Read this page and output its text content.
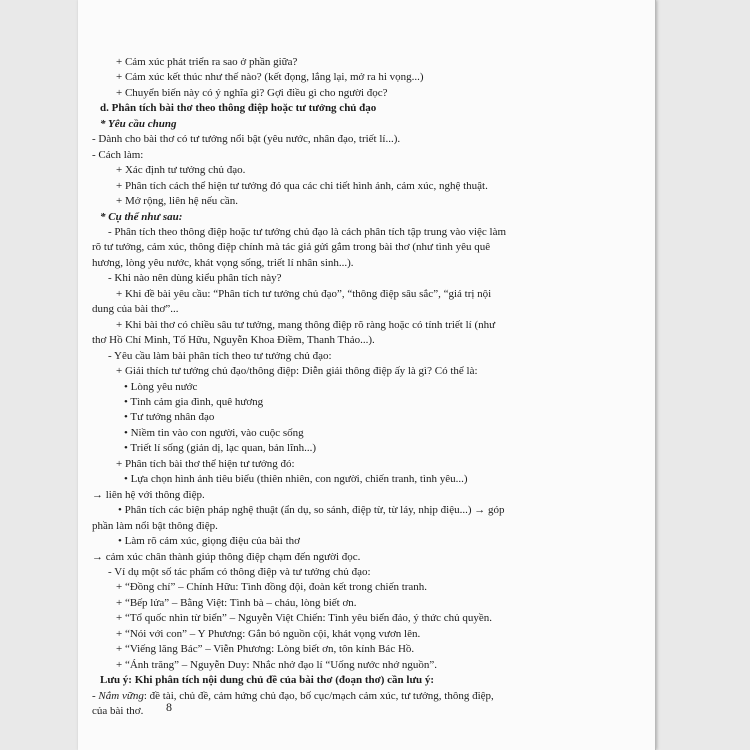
+ Cảm xúc phát triển ra sao ở phần giữa?
+ Cảm xúc kết thúc như thế nào? (kết đọng, lắng lại, mở ra hi vọng...)
+ Chuyển biến này có ý nghĩa gì? Gợi điều gì cho người đọc?
d. Phân tích bài thơ theo thông điệp hoặc tư tưởng chủ đạo
* Yêu cầu chung
- Dành cho bài thơ có tư tưởng nổi bật (yêu nước, nhân đạo, triết lí...).
- Cách làm:
+ Xác định tư tưởng chủ đạo.
+ Phân tích cách thể hiện tư tưởng đó qua các chi tiết hình ảnh, cảm xúc, nghệ thuật.
+ Mở rộng, liên hệ nếu cần.
* Cụ thể như sau:
- Phân tích theo thông điệp hoặc tư tưởng chủ đạo là cách phân tích tập trung vào việc làm
rõ tư tưởng, cảm xúc, thông điệp chính mà tác giả gửi gắm trong bài thơ (như tình yêu quê
hương, lòng yêu nước, khát vọng sống, triết lí nhân sinh...).
- Khi nào nên dùng kiểu phân tích này?
+ Khi đề bài yêu cầu: “Phân tích tư tưởng chủ đạo”, “thông điệp sâu sắc”, “giá trị nội
dung của bài thơ”...
+ Khi bài thơ có chiều sâu tư tưởng, mang thông điệp rõ ràng hoặc có tính triết lí (như
thơ Hồ Chí Minh, Tố Hữu, Nguyễn Khoa Điềm, Thanh Thảo...).
- Yêu cầu làm bài phân tích theo tư tưởng chủ đạo:
+ Giải thích tư tưởng chủ đạo/thông điệp: Diễn giải thông điệp ấy là gì? Có thể là:
• Lòng yêu nước
• Tình cảm gia đình, quê hương
• Tư tưởng nhân đạo
• Niềm tin vào con người, vào cuộc sống
• Triết lí sống (giản dị, lạc quan, bản lĩnh...)
+ Phân tích bài thơ thể hiện tư tưởng đó:
• Lựa chọn hình ảnh tiêu biểu (thiên nhiên, con người, chiến tranh, tình yêu...)
→ liên hệ với thông điệp.
• Phân tích các biện pháp nghệ thuật (ẩn dụ, so sánh, điệp từ, từ láy, nhịp điệu...) → góp
phần làm nổi bật thông điệp.
• Làm rõ cảm xúc, giọng điệu của bài thơ
→ cảm xúc chân thành giúp thông điệp chạm đến người đọc.
- Ví dụ một số tác phẩm có thông điệp và tư tưởng chủ đạo:
+ “Đồng chí” – Chính Hữu: Tình đồng đội, đoàn kết trong chiến tranh.
+ “Bếp lửa” – Bằng Việt: Tình bà – cháu, lòng biết ơn.
+ “Tổ quốc nhìn từ biển” – Nguyễn Việt Chiến: Tình yêu biển đảo, ý thức chủ quyền.
+ “Nói với con” – Y Phương: Gắn bó nguồn cội, khát vọng vươn lên.
+ “Viếng lăng Bác” – Viễn Phương: Lòng biết ơn, tôn kính Bác Hồ.
+ “Ánh trăng” – Nguyễn Duy: Nhắc nhở đạo lí “Uống nước nhớ nguồn”.
Lưu ý: Khi phân tích nội dung chủ đề của bài thơ (đoạn thơ) cần lưu ý:
- Nắm vững: đề tài, chủ đề, cảm hứng chủ đạo, bố cục/mạch cảm xúc, tư tưởng, thông điệp,
của bài thơ.	8
